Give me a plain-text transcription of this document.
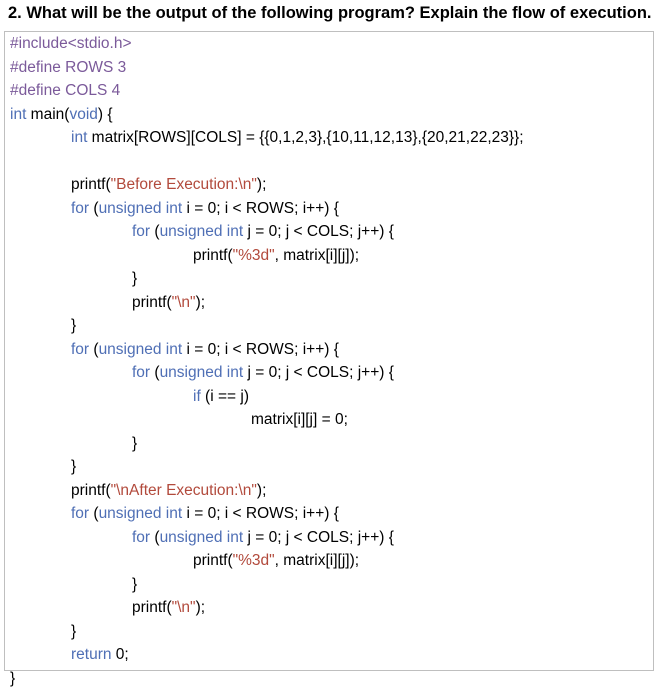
2. What will be the output of the following program? Explain the flow of execution.
#include<stdio.h>
#define ROWS 3
#define COLS 4
int main(void) {
int matrix[ROWS][COLS] = {{0,1,2,3},{10,11,12,13},{20,21,22,23}};
printf("Before Execution:\n");
for (unsigned int i = 0; i < ROWS; i++) {
for (unsigned int j = 0; j < COLS; j++) {
printf("%3d", matrix[i][j]);
}
printf("\n");
}
for (unsigned int i = 0; i < ROWS; i++) {
for (unsigned int j = 0; j < COLS; j++) {
if (i == j)
matrix[i][j] = 0;
}
}
printf("\nAfter Execution:\n");
for (unsigned int i = 0; i < ROWS; i++) {
for (unsigned int j = 0; j < COLS; j++) {
printf("%3d", matrix[i][j]);
}
printf("\n");
}
return 0;
}
